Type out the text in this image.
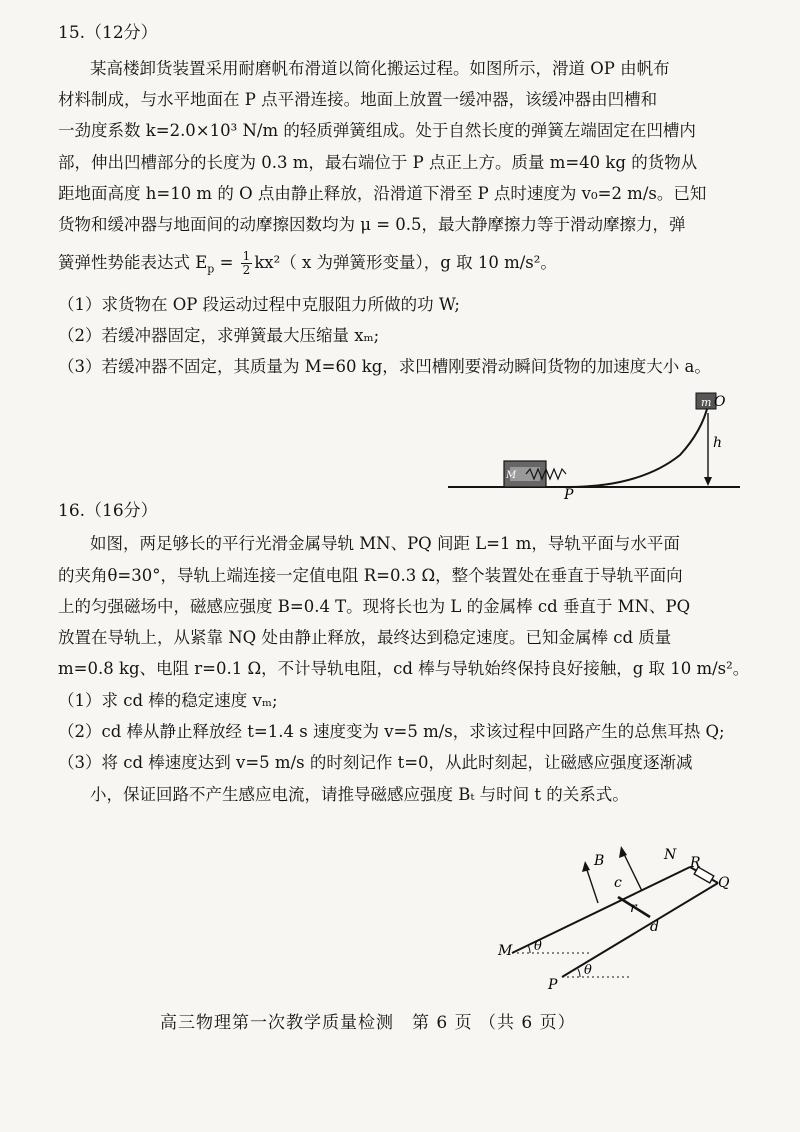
15.（12分）
某高楼卸货装置采用耐磨帆布滑道以简化搬运过程。如图所示，滑道 OP 由帆布
材料制成，与水平地面在 P 点平滑连接。地面上放置一缓冲器，该缓冲器由凹槽和
一劲度系数 k=2.0×10³ N/m 的轻质弹簧组成。处于自然长度的弹簧左端固定在凹槽内
部，伸出凹槽部分的长度为 0.3 m，最右端位于 P 点正上方。质量 m=40 kg 的货物从
距地面高度 h=10 m 的 O 点由静止释放，沿滑道下滑至 P 点时速度为 v₀=2 m/s。已知
货物和缓冲器与地面间的动摩擦因数均为 μ = 0.5，最大静摩擦力等于滑动摩擦力，弹
簧弹性势能表达式 $E_p = \frac{1}{2} kx^2$（ x 为弹簧形变量），g 取 10 m/s²。
（1）求货物在 OP 段运动过程中克服阻力所做的功 W;
（2）若缓冲器固定，求弹簧最大压缩量 xₘ;
（3）若缓冲器不固定，其质量为 M=60 kg，求凹槽刚要滑动瞬间货物的加速度大小 a。
m O
h
M
P
16.（16分）
如图，两足够长的平行光滑金属导轨 MN、PQ 间距 L=1 m，导轨平面与水平面
的夹角θ=30°，导轨上端连接一定值电阻 R=0.3 Ω，整个装置处在垂直于导轨平面向
上的匀强磁场中，磁感应强度 B=0.4 T。现将长也为 L 的金属棒 cd 垂直于 MN、PQ
放置在导轨上，从紧靠 NQ 处由静止释放，最终达到稳定速度。已知金属棒 cd 质量
m=0.8 kg、电阻 r=0.1 Ω，不计导轨电阻，cd 棒与导轨始终保持良好接触，g 取 10 m/s²。
（1）求 cd 棒的稳定速度 vₘ;
（2）cd 棒从静止释放经 t=1.4 s 速度变为 v=5 m/s，求该过程中回路产生的总焦耳热 Q;
（3）将 cd 棒速度达到 v=5 m/s 的时刻记作 t=0，从此时刻起，让磁感应强度逐渐减
小，保证回路不产生感应电流，请推导磁感应强度 Bₜ 与时间 t 的关系式。
B	N R
Q
c
r
d
M
P
θ
θ
高三物理第一次教学质量检测　第 6 页 （共 6 页）
